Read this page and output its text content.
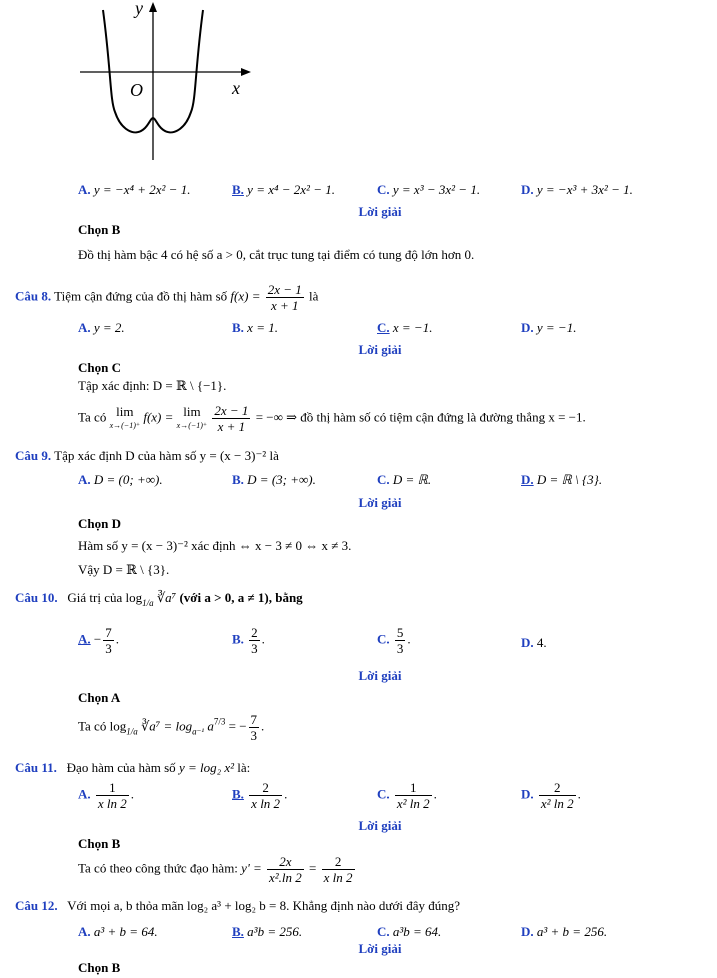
y
x
O
A. y = −x⁴ + 2x² − 1.	B. y = x⁴ − 2x² − 1.	C. y = x³ − 3x² − 1.	D. y = −x³ + 3x² − 1.
Lời giải
Chọn B
Đồ thị hàm bậc 4 có hệ số a > 0, cắt trục tung tại điểm có tung độ lớn hơn 0.
Câu 8. Tiệm cận đứng của đồ thị hàm số $f(x) = \frac{2x - 1}{x + 1}$ là
A. y = 2.	B. x = 1.	C. x = −1.	D. y = −1.
Lời giải
Chọn C
Tập xác định: D = ℝ \ {−1}.
Ta có lim
x→(−1)⁺ f(x) = lim
$x\to(-1)^+ \frac{2x - 1}{x + 1}$ = −∞ ⇒ đồ thị hàm số có tiệm cận đứng là đường thẳng x = −1.
Câu 9. Tập xác định D của hàm số y = (x − 3)⁻² là
A. D = (0; +∞).	B. D = (3; +∞).	C. D = ℝ.	D. D = ℝ \ {3}.
Lời giải
Chọn D
Hàm số y = (x − 3)⁻² xác định ⇔ x − 3 ≠ 0 ⇔ x ≠ 3.
Vậy D = ℝ \ {3}.
Câu 10. Giá trị của $\log_{1/a}$ ∛a⁷ (với a > 0, a ≠ 1), bằng
A. − $\frac{7}{3}$ .	B. $\frac{2}{3}$ .	C. $\frac{5}{3}$ .	D. 4.
Lời giải
Chọn A
Ta có $\log_{1/a}$ ∛a⁷ = $\log_{a^{-1}} a^{7/3}$ = − $\frac{7}{3}$ .
Câu 11. Đạo hàm của hàm số y = log₂ x² là:
A. $\frac{1}{\text{x ln 2}}$ .	B. $\frac{2}{\text{x ln 2}}$ .	C. $\frac{1}{\text{x² ln 2}}$ .	D. $\frac{2}{\text{x² ln 2}}$ .
Lời giải
Chọn B
Ta có theo công thức đạo hàm: $y' = \frac{2x}{\text{x².ln 2}} = \frac{2}{\text{x ln 2}}$
Câu 12. Với mọi a, b thỏa mãn log₂ a³ + log₂ b = 8. Khẳng định nào dưới đây đúng?
A. a³ + b = 64.	B. a³b = 256.	C. a³b = 64.	D. a³ + b = 256.
Lời giải
Chọn B
